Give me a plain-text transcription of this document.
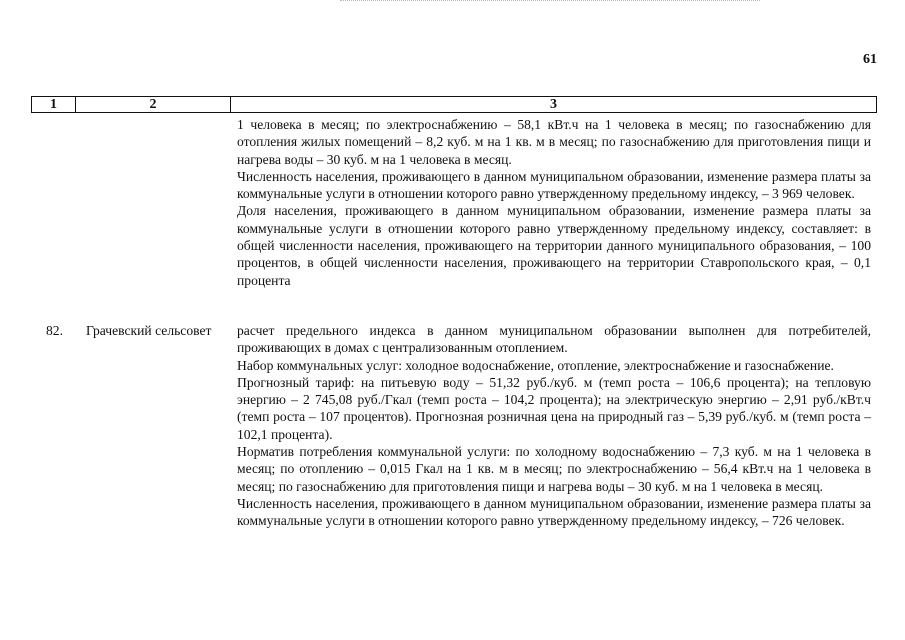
61
1	2	3

1 человека в месяц; по электроснабжению – 58,1 кВт.ч на 1 человека в месяц; по газоснабжению для отопления жилых помещений – 8,2 куб. м на 1 кв. м в месяц; по газоснабжению для приготовления пищи и нагрева воды – 30 куб. м на 1 человека в месяц.

Численность населения, проживающего в данном муниципальном образовании, изменение размера платы за коммунальные услуги в отношении которого равно утвержденному предельному индексу, – 3 969 человек.

Доля населения, проживающего в данном муниципальном образовании, изменение размера платы за коммунальные услуги в отношении которого равно утвержденному предельному индексу, составляет: в общей численности населения, проживающего на территории данного муниципального образования, – 100 процентов, в общей численности населения, проживающего на территории Ставропольского края, – 0,1 процента

82. Грачевский сельсовет расчет предельного индекса в данном муниципальном образовании выполнен для потребителей, проживающих в домах с централизованным отоплением.

Набор коммунальных услуг: холодное водоснабжение, отопление, электроснабжение и газоснабжение.

Прогнозный тариф: на питьевую воду – 51,32 руб./куб. м (темп роста – 106,6 процента); на тепловую энергию – 2 745,08 руб./Гкал (темп роста – 104,2 процента); на электрическую энергию – 2,91 руб./кВт.ч (темп роста – 107 процентов). Прогнозная розничная цена на природный газ – 5,39 руб./куб. м (темп роста – 102,1 процента).

Норматив потребления коммунальной услуги: по холодному водоснабжению – 7,3 куб. м на 1 человека в месяц; по отоплению – 0,015 Гкал на 1 кв. м в месяц; по электроснабжению – 56,4 кВт.ч на 1 человека в месяц; по газоснабжению для приготовления пищи и нагрева воды – 30 куб. м на 1 человека в месяц.

Численность населения, проживающего в данном муниципальном образовании, изменение размера платы за коммунальные услуги в отношении которого равно утвержденному предельному индексу, – 726 человек.
